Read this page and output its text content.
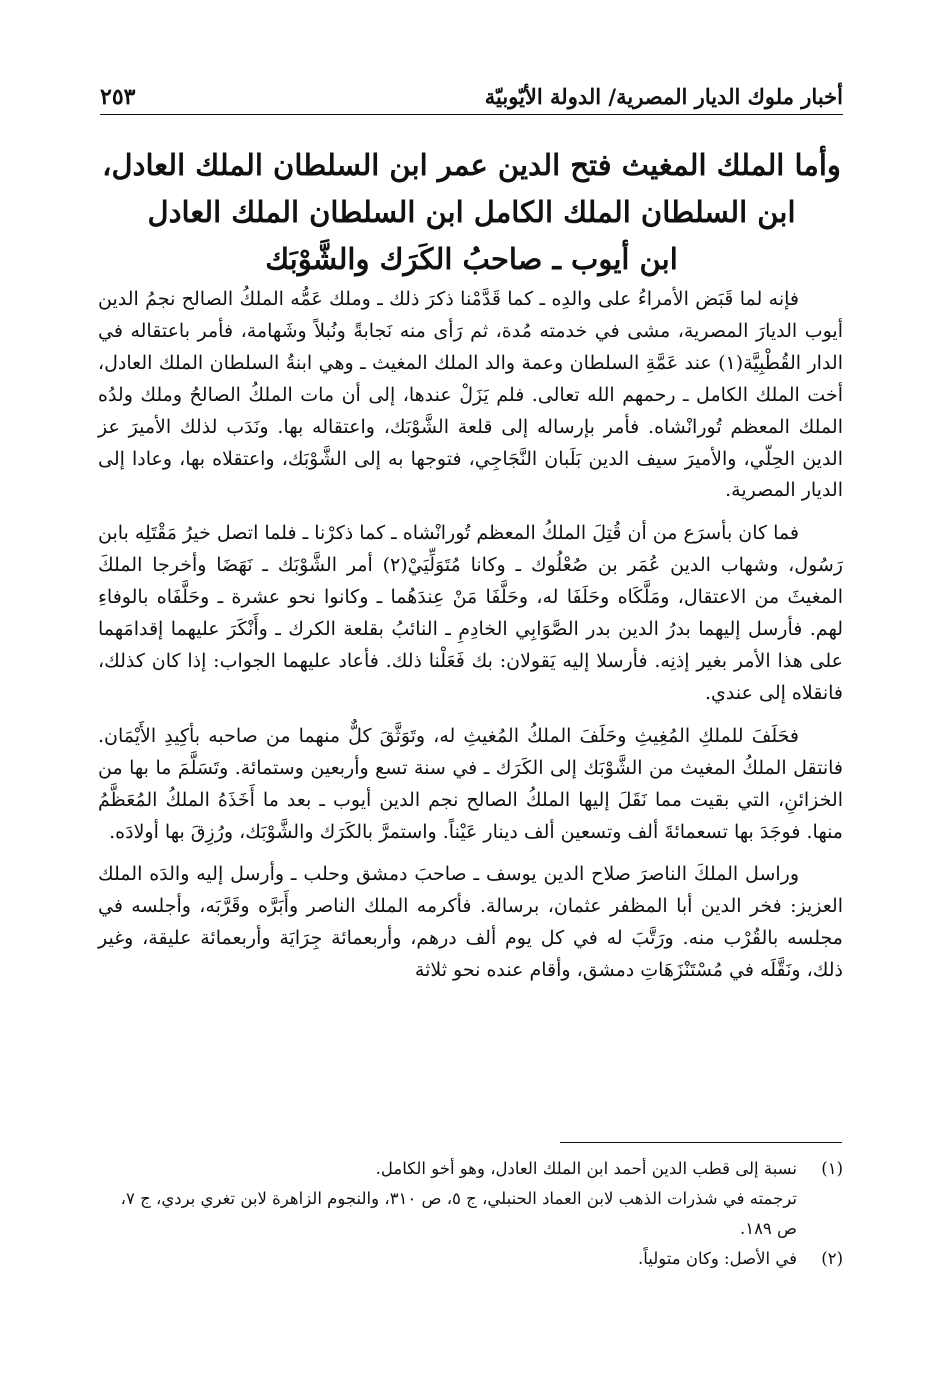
أخبار ملوك الديار المصرية/ الدولة الأيّوبيّة
٢٥٣
وأما الملك المغيث فتح الدين عمر ابن السلطان الملك العادل،
ابن السلطان الملك الكامل ابن السلطان الملك العادل
ابن أيوب ـ صاحبُ الكَرَك والشَّوْبَك

فإنه لما قَبَض الأمراءُ على والدِه ـ كما قَدَّمْنا ذكرَ ذلك ـ وملك عَمُّه الملكُ الصالح نجمُ الدين أيوب الديارَ المصرية، مشى في خدمته مُدة، ثم رَأى منه نَجابةً ونُبلاً وشَهامة، فأمر باعتقاله في الدار القُطْبِيَّة(١) عند عَمَّةِ السلطان وعمة والد الملك المغيث ـ وهي ابنةُ السلطان الملك العادل، أخت الملك الكامل ـ رحمهم الله تعالى. فلم يَزَلْ عندها، إلى أن مات الملكُ الصالحُ وملك ولدُه الملك المعظم تُورانْشاه. فأمر بإرساله إلى قلعة الشَّوْبَك، واعتقاله بها. ونَدَب لذلك الأميرَ عز الدين الحِلّي، والأميرَ سيف الدين بَلَبان النَّجَاجِي، فتوجها به إلى الشَّوْبَك، واعتقلاه بها، وعادا إلى الديار المصرية.

فما كان بأسرَع من أن قُتِلَ الملكُ المعظم تُورانْشاه ـ كما ذكرْنا ـ فلما اتصل خيرُ مَقْتَلِه بابن رَسُول، وشهاب الدين عُمَر بن صُعْلُوك ـ وكانا مُتَوَلِّيَيْ(٢) أمر الشَّوْبَك ـ نَهَضَا وأخرجا الملكَ المغيثَ من الاعتقال، ومَلَّكَاه وحَلَفَا له، وحَلَّفَا مَنْ عِندَهُما ـ وكانوا نحو عشرة ـ وحَلَّفَاه بالوفاءِ لهم. فأرسل إليهما بدرُ الدين بدر الصَّوَابِي الخادِمِ ـ النائبُ بقلعة الكرك ـ وأَنْكَرَ عليهما إقدامَهما على هذا الأمر بغير إذنِه. فأرسلا إليه يَقولان: بك فَعَلْنا ذلك. فأعاد عليهما الجواب: إذا كان كذلك، فانقلاه إلى عندي.

فحَلَفَ للملكِ المُغِيثِ وحَلَفَ الملكُ المُغيثِ له، وتَوَثَّقَ كلٌّ منهما من صاحبه بأكِيدِ الأَيْمَان. فانتقل الملكُ المغيث من الشَّوْبَك إلى الكَرَك ـ في سنة تسع وأربعين وستمائة. وتَسَلَّمَ ما بها من الخزائنِ، التي بقيت مما نَقَلَ إليها الملكُ الصالح نجم الدين أيوب ـ بعد ما أَخَذَهُ الملكُ المُعَظَّمُ منها. فوجَدَ بها تسعمائةَ ألف وتسعين ألف دينار عَيْناً. واستمرَّ بالكَرَك والشَّوْبَك، ورُزِقَ بها أولادَه.

وراسل الملكَ الناصرَ صلاح الدين يوسف ـ صاحبَ دمشق وحلب ـ وأرسل إليه والدَه الملك العزيز: فخر الدين أبا المظفر عثمان، برسالة. فأكرمه الملك الناصر وأَبَرَّه وقَرَّبَه، وأجلسه في مجلسه بالقُرْب منه. ورَتَّبَ له في كل يوم ألف درهم، وأربعمائة جِرَايَة وأربعمائة عليقة، وغير ذلك، ونَقَّلَه في مُسْتَنْزَهَاتِ دمشق، وأقام عنده نحو ثلاثة

(١)

نسبة إلى قطب الدين أحمد ابن الملك العادل، وهو أخو الكامل.

ترجمته في شذرات الذهب لابن العماد الحنبلي، ج ٥، ص ٣١٠، والنجوم الزاهرة لابن تغري بردي، ج ٧، ص ١٨٩.

(٢)

في الأصل: وكان متولياً.
